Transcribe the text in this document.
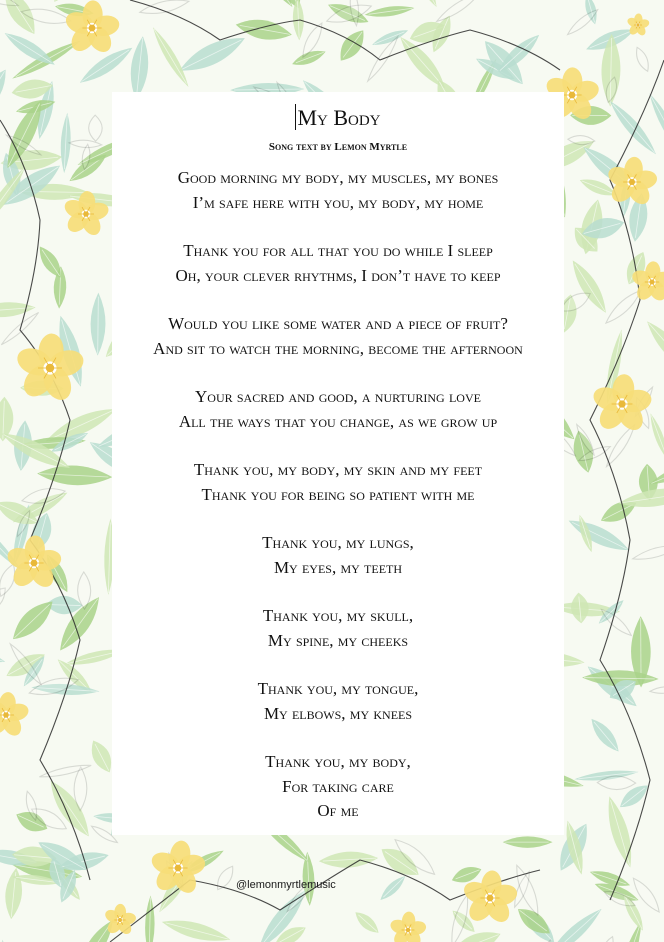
My Body
Song text by Lemon Myrtle
Good morning my body, my muscles, my bones
I’m safe here with you, my body, my home
Thank you for all that you do while I sleep
Oh, your clever rhythms, I don’t have to keep
Would you like some water and a piece of fruit?
And sit to watch the morning, become the afternoon
Your sacred and good, a nurturing love
All the ways that you change, as we grow up
Thank you, my body, my skin and my feet
Thank you for being so patient with me
Thank you, my lungs,
My eyes, my teeth
Thank you, my skull,
My spine, my cheeks
Thank you, my tongue,
My elbows, my knees
Thank you, my body,
For taking care
Of me
@lemonmyrtlemusic
